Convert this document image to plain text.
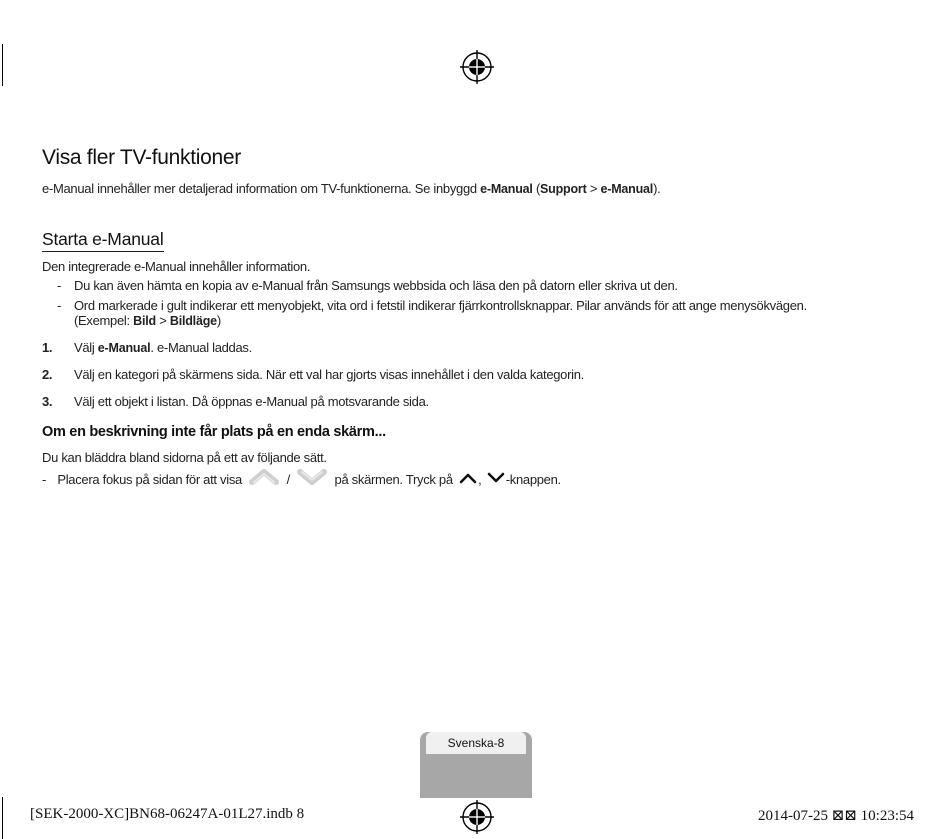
Visa fler TV-funktioner

e-Manual innehåller mer detaljerad information om TV-funktionerna. Se inbyggd e-Manual (Support > e-Manual).

Starta e-Manual

Den integrerade e-Manual innehåller information.

- Du kan även hämta en kopia av e-Manual från Samsungs webbsida och läsa den på datorn eller skriva ut den.
- Ord markerade i gult indikerar ett menyobjekt, vita ord i fetstil indikerar fjärrkontrollsknappar. Pilar används för att ange menysökvägen.
(Exempel: Bild > Bildläge)
1. Välj e-Manual. e-Manual laddas.
2. Välj en kategori på skärmens sida. När ett val har gjorts visas innehållet i den valda kategorin.
3. Välj ett objekt i listan. Då öppnas e-Manual på motsvarande sida.
Om en beskrivning inte får plats på en enda skärm...

Du kan bläddra bland sidorna på ett av följande sätt.

- Placera fokus på sidan för att visa	/	på skärmen. Tryck på , -knappen.
Svenska-8
[SEK-2000-XC]BN68-06247A-01L27.indb 8	2014-07-25 ⊠⊠ 10:23:54
